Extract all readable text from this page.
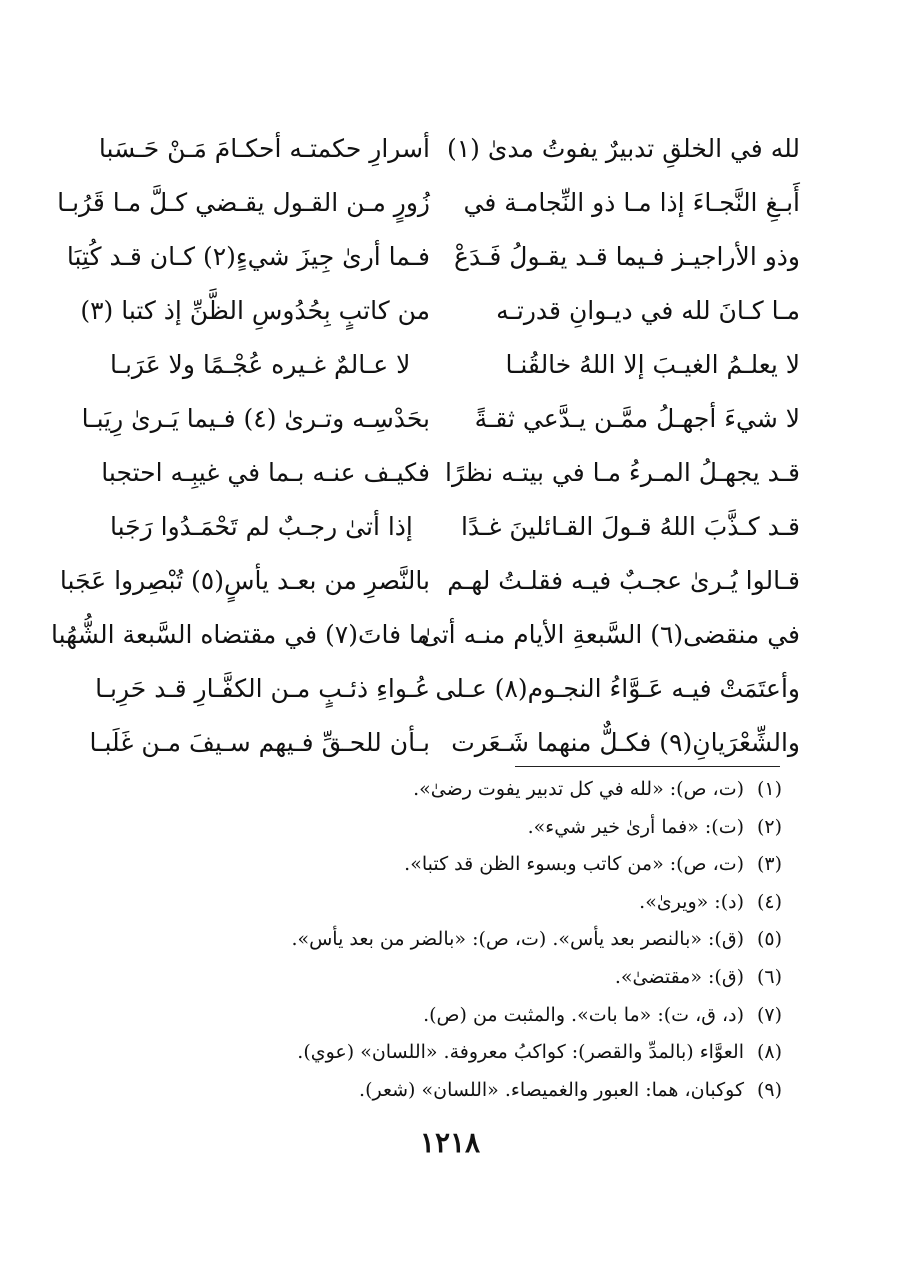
لله في الخلقِ تدبيرٌ يفوتُ مدىٰ (١)
أسرارِ حكمتـه أحكـامَ مَـنْ حَـسَبا
أَبـغِ النَّجـاءَ إذا مـا ذو النِّجامـة في
زُورٍ مـن القـول يقـضي كـلَّ مـا قَرُبـا
وذو الأراجيـز فـيما قـد يقـولُ فَـدَعْ
فـما أرىٰ جِيزَ شيءٍ(٢) كـان قـد كُتِبَا
مـا كـانَ لله في ديـوانِ قدرتـه
من كاتبٍ بِحُدُوسِ الظَّنِّ إذ كتبا (٣)
لا يعلـمُ الغيـبَ إلا اللهُ خالقُنـا
لا عـالمٌ غـيره عُجْـمًا ولا عَرَبـا
لا شيءَ أجهـلُ ممَّـن يـدَّعي ثقـةً
بحَدْسِـه وتـرىٰ (٤) فـيما يَـرىٰ رِيَبـا
قـد يجهـلُ المـرءُ مـا في بيتـه نظرًا
فكيـف عنـه بـما في غيبِـه احتجبا
قـد كـذَّبَ اللهُ قـولَ القـائلينَ غـدًا
إذا أتىٰ رجـبٌ لم تَحْمَـدُوا رَجَبا
قـالوا يُـرىٰ عجـبٌ فيـه فقلـتُ لهـم
بالنَّصرِ من بعـد يأسٍ(٥) تُبْصِروا عَجَبا
في منقضى(٦) السَّبعةِ الأيام منـه أتىٰ
ما فاتَ(٧) في مقتضاه السَّبعة الشُّهُبا
وأعتَمَتْ فيـه عَـوَّاءُ النجـوم(٨) عـلى
عُـواءِ ذئـبٍ مـن الكفَّـارِ قـد حَرِبـا
والشِّعْرَيانِ(٩) فكـلٌّ منهما شَـعَرت
بـأن للحـقِّ فـيهم سـيفَ مـن غَلَبـا
(١)
(ت، ص): «لله في كل تدبير يفوت رضىٰ».
(٢)
(ت): «فما أرىٰ خير شيء».
(٣)
(ت، ص): «من كاتب وبسوء الظن قد كتبا».
(٤)
(د): «ويرىٰ».
(٥)
(ق): «بالنصر بعد يأس». (ت، ص): «بالضر من بعد يأس».
(٦)
(ق): «مقتضىٰ».
(٧)
(د، ق، ت): «ما بات». والمثبت من (ص).
(٨)
العوَّاء (بالمدِّ والقصر): كواكبُ معروفة. «اللسان» (عوي).
(٩)
كوكبان، هما: العبور والغميصاء. «اللسان» (شعر).
١٢١٨
